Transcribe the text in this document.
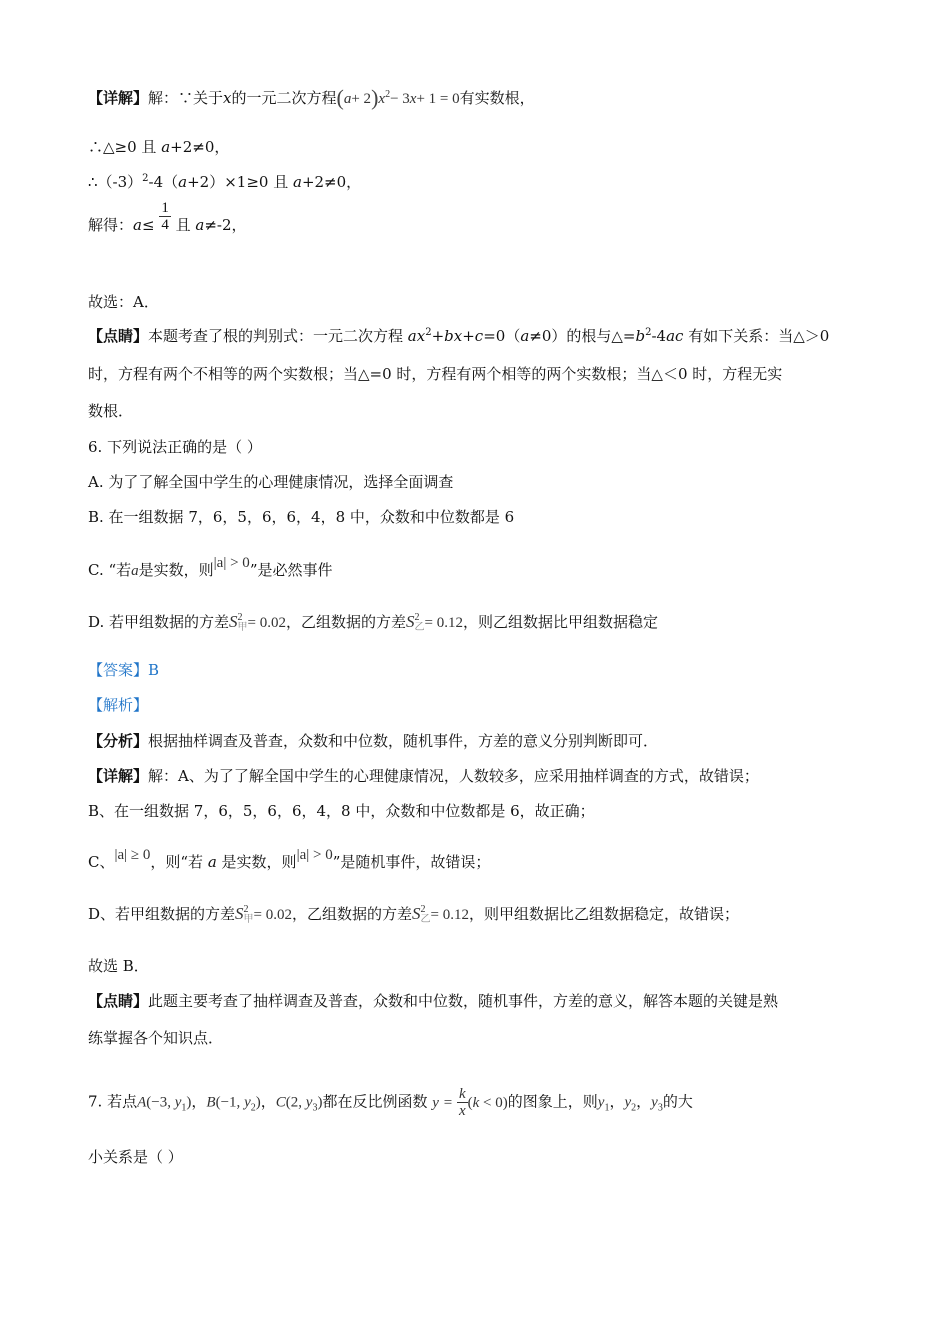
【详解】解：∵关于x的一元二次方程$(a+ 2)x^2- 3x+ 1 = 0$有实数根，
∴△≥0 且 a+2≠0，
$\therefore(-3)^2-4(a+2)\times 1\ge 0$ 且 a+2≠0，
解得：$a\le \frac{1}{4}$ 且 a≠-2，
故选：A．
【点睛】本题考查了根的判别式：一元二次方程 $ax^2+bx+c=0(a\ne 0)$的根与$\triangle=b^2-4ac$ 有如下关系：当△＞0
时，方程有两个不相等的两个实数根；当△=0 时，方程有两个相等的两个实数根；当△＜0 时，方程无实
数根．
6. 下列说法正确的是（ ）
A. 为了了解全国中学生的心理健康情况，选择全面调查
B. 在一组数据 7，6，5，6，6，4，8 中，众数和中位数都是 6
C. “若a是实数，则|a| > 0”是必然事件
D. 若甲组数据的方差S 2
甲 = 0.02，乙组数据的方差S 2
乙 = 0.12，则乙组数据比甲组数据稳定
【答案】B
【解析】
【分析】根据抽样调查及普查，众数和中位数，随机事件，方差的意义分别判断即可．
【详解】解：A、为了了解全国中学生的心理健康情况，人数较多，应采用抽样调查的方式，故错误；
B、在一组数据 7，6，5，6，6，4，8 中，众数和中位数都是 6，故正确；
C、|a| ≥ 0，则“若 a 是实数，则|a| > 0”是随机事件，故错误；
D、若甲组数据的方差S 2
甲 = 0.02，乙组数据的方差S 2
乙 = 0.12，则甲组数据比乙组数据稳定，故错误；
故选 B．
【点睛】此题主要考查了抽样调查及普查，众数和中位数，随机事件，方差的意义，解答本题的关键是熟
练掌握各个知识点．
7. 若点A(−3, $y_1$)，B(−1, $y_2$)，C(2, $y_3$)都在反比例函数 $y = \frac{k}{x} (k < 0)$的图象上，则$y_1$，$y_2$，$y_3$的大
小关系是（ ）
